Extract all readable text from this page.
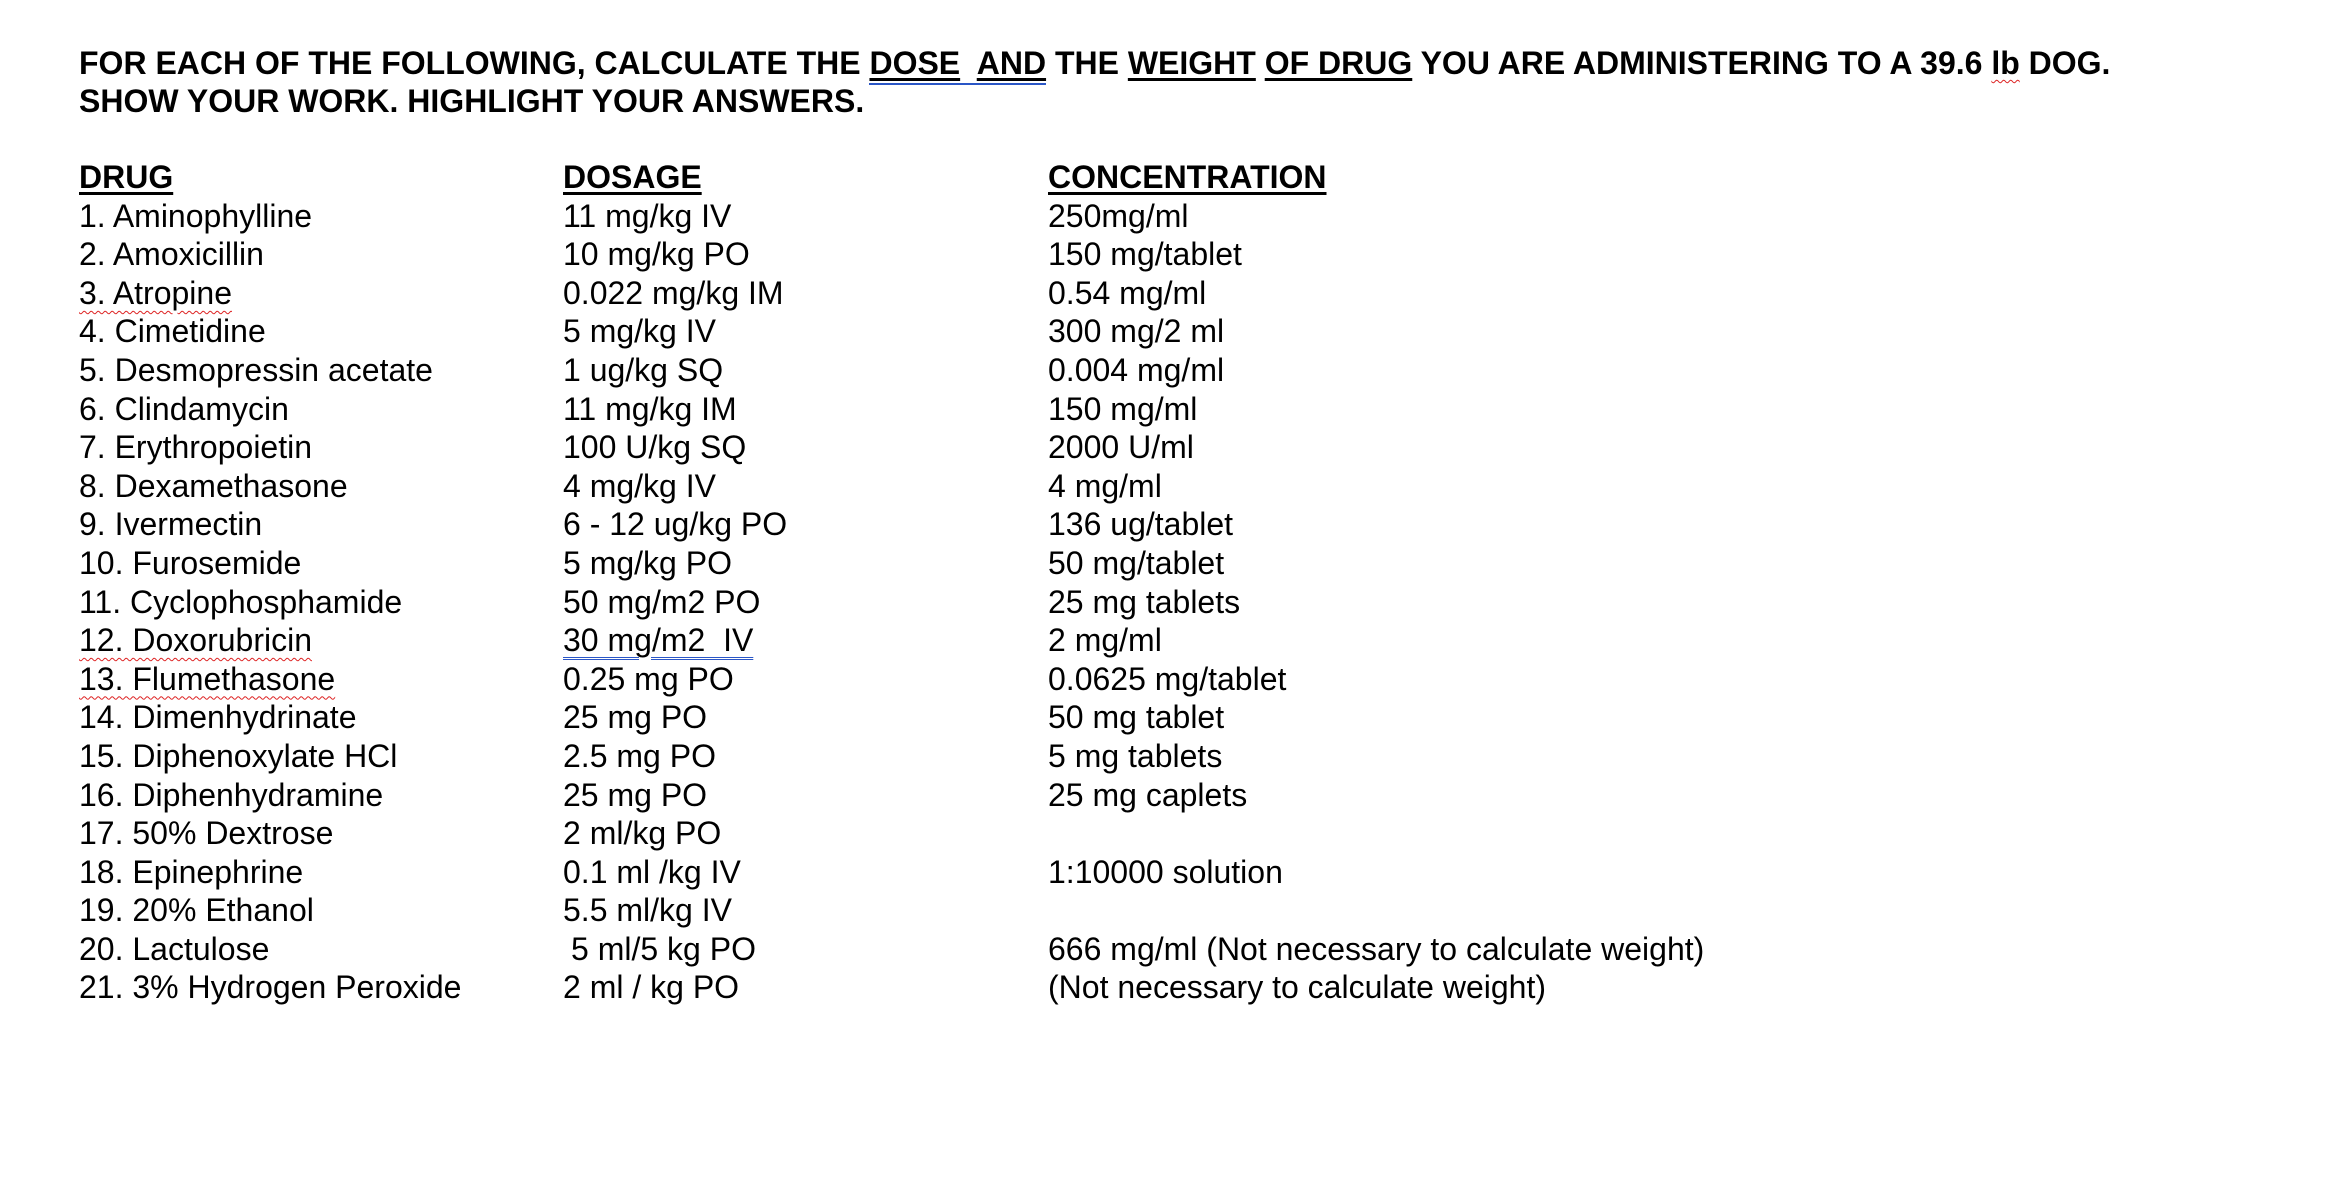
FOR EACH OF THE FOLLOWING, CALCULATE THE DOSE AND THE WEIGHT OF DRUG YOU ARE ADMINISTERING TO A 39.6 lb DOG.
SHOW YOUR WORK. HIGHLIGHT YOUR ANSWERS.
DRUG
1. Aminophylline
2. Amoxicillin
3. Atropine
4. Cimetidine
5. Desmopressin acetate
6. Clindamycin
7. Erythropoietin
8. Dexamethasone
9. Ivermectin
10. Furosemide
11. Cyclophosphamide
12. Doxorubricin
13. Flumethasone
14. Dimenhydrinate
15. Diphenoxylate HCl
16. Diphenhydramine
17. 50% Dextrose
18. Epinephrine
19. 20% Ethanol
20. Lactulose
21. 3% Hydrogen Peroxide
DOSAGE
11 mg/kg IV
10 mg/kg PO
0.022 mg/kg IM
5 mg/kg IV
1 ug/kg SQ
11 mg/kg IM
100 U/kg SQ
4 mg/kg IV
6 - 12 ug/kg PO
5 mg/kg PO
50 mg/m2 PO
30 mg/m2  IV
0.25 mg PO
25 mg PO
2.5 mg PO
25 mg PO
2 ml/kg PO
0.1 ml /kg IV
5.5 ml/kg IV
5 ml/5 kg PO
2 ml / kg PO
CONCENTRATION
250mg/ml
150 mg/tablet
0.54 mg/ml
300 mg/2 ml
0.004 mg/ml
150 mg/ml
2000 U/ml
4 mg/ml
136 ug/tablet
50 mg/tablet
25 mg tablets
2 mg/ml
0.0625 mg/tablet
50 mg tablet
5 mg tablets
25 mg caplets
1:10000 solution
666 mg/ml (Not necessary to calculate weight)
(Not necessary to calculate weight)
